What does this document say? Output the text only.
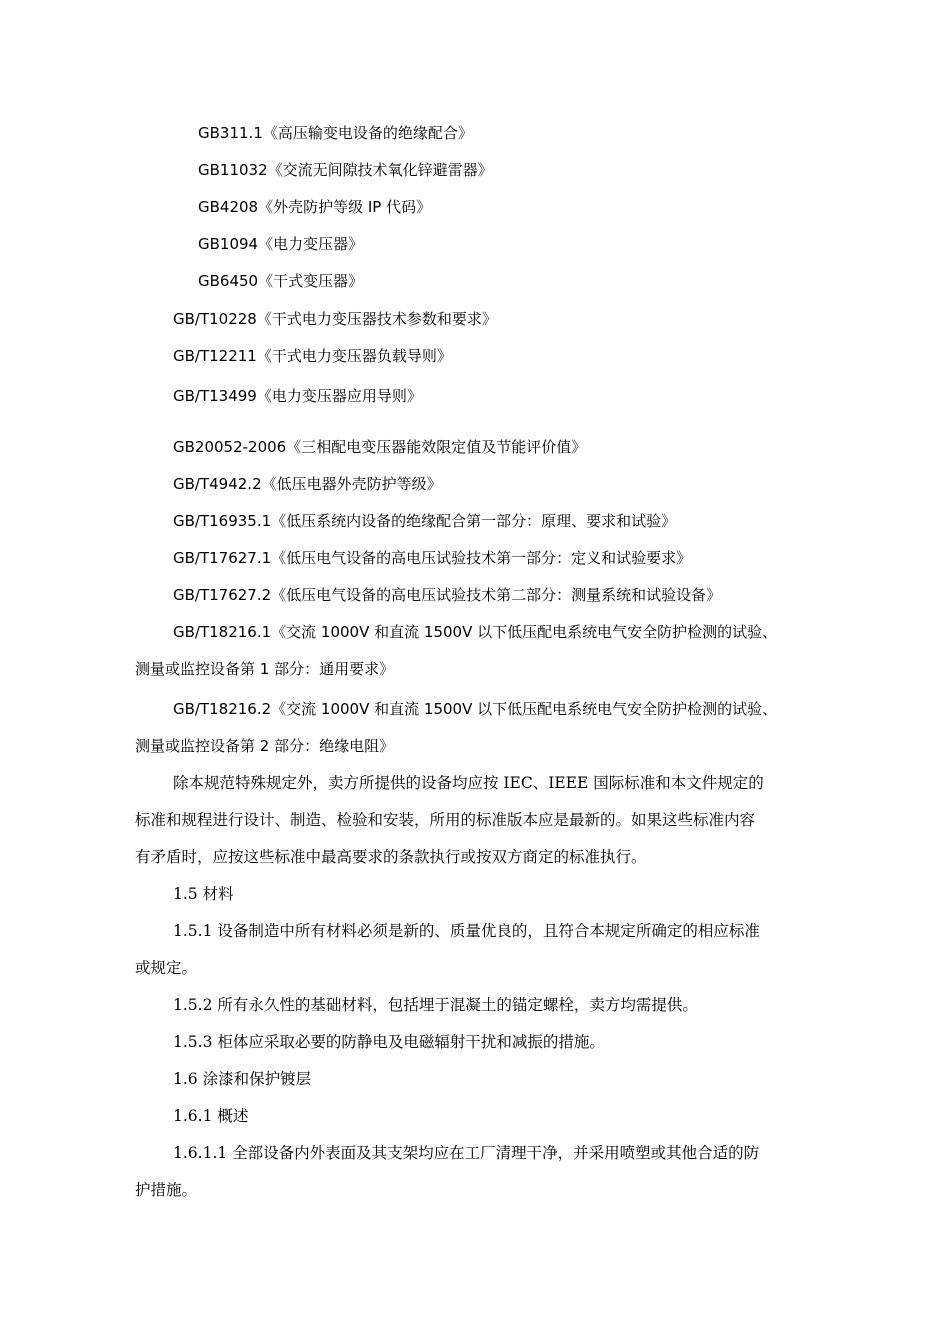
GB311.1《高压输变电设备的绝缘配合》

GB11032《交流无间隙技术氧化锌避雷器》

GB4208《外壳防护等级 IP 代码》

GB1094《电力变压器》

GB6450《干式变压器》

GB/T10228《干式电力变压器技术参数和要求》

GB/T12211《干式电力变压器负载导则》

GB/T13499《电力变压器应用导则》

GB20052-2006《三相配电变压器能效限定值及节能评价值》

GB/T4942.2《低压电器外壳防护等级》

GB/T16935.1《低压系统内设备的绝缘配合第一部分：原理、要求和试验》

GB/T17627.1《低压电气设备的高电压试验技术第一部分：定义和试验要求》

GB/T17627.2《低压电气设备的高电压试验技术第二部分：测量系统和试验设备》

GB/T18216.1《交流 1000V 和直流 1500V 以下低压配电系统电气安全防护检测的试验、

测量或监控设备第 1 部分：通用要求》

GB/T18216.2《交流 1000V 和直流 1500V 以下低压配电系统电气安全防护检测的试验、

测量或监控设备第 2 部分：绝缘电阻》

除本规范特殊规定外，卖方所提供的设备均应按 IEC、IEEE 国际标准和本文件规定的

标准和规程进行设计、制造、检验和安装，所用的标准版本应是最新的。如果这些标准内容

有矛盾时，应按这些标准中最高要求的条款执行或按双方商定的标准执行。

1.5 材料

1.5.1 设备制造中所有材料必须是新的、质量优良的，且符合本规定所确定的相应标准

或规定。

1.5.2 所有永久性的基础材料，包括埋于混凝土的锚定螺栓，卖方均需提供。

1.5.3 柜体应采取必要的防静电及电磁辐射干扰和减振的措施。

1.6 涂漆和保护镀层

1.6.1 概述

1.6.1.1 全部设备内外表面及其支架均应在工厂清理干净，并采用喷塑或其他合适的防

护措施。
